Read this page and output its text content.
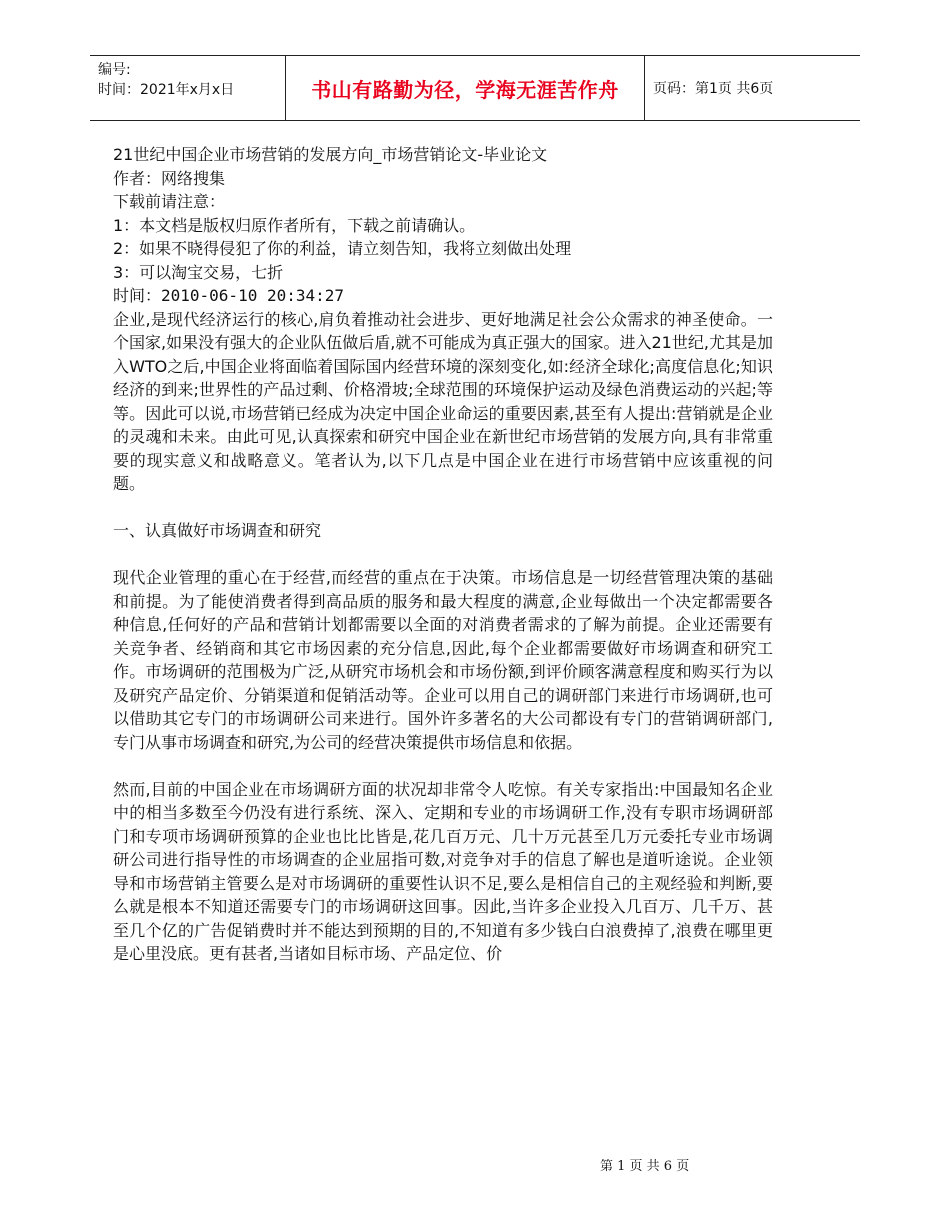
编号:
时间：2021年x月x日	书山有路勤为径，学海无涯苦作舟	页码：第1页 共6页
21世纪中国企业市场营销的发展方向_市场营销论文-毕业论文
作者：网络搜集
下载前请注意：
1：本文档是版权归原作者所有，下载之前请确认。
2：如果不晓得侵犯了你的利益，请立刻告知，我将立刻做出处理
3：可以淘宝交易，七折
时间：2010-06-10 20:34:27

企业,是现代经济运行的核心,肩负着推动社会进步、更好地满足社会公众需求的神圣使命。一个国家,如果没有强大的企业队伍做后盾,就不可能成为真正强大的国家。进入21世纪,尤其是加入WTO之后,中国企业将面临着国际国内经营环境的深刻变化,如:经济全球化;高度信息化;知识经济的到来;世界性的产品过剩、价格滑坡;全球范围的环境保护运动及绿色消费运动的兴起;等等。因此可以说,市场营销已经成为决定中国企业命运的重要因素,甚至有人提出:营销就是企业的灵魂和未来。由此可见,认真探索和研究中国企业在新世纪市场营销的发展方向,具有非常重要的现实意义和战略意义。笔者认为,以下几点是中国企业在进行市场营销中应该重视的问题。

一、认真做好市场调查和研究

现代企业管理的重心在于经营,而经营的重点在于决策。市场信息是一切经营管理决策的基础和前提。为了能使消费者得到高品质的服务和最大程度的满意,企业每做出一个决定都需要各种信息,任何好的产品和营销计划都需要以全面的对消费者需求的了解为前提。企业还需要有关竞争者、经销商和其它市场因素的充分信息,因此,每个企业都需要做好市场调查和研究工作。市场调研的范围极为广泛,从研究市场机会和市场份额,到评价顾客满意程度和购买行为以及研究产品定价、分销渠道和促销活动等。企业可以用自己的调研部门来进行市场调研,也可以借助其它专门的市场调研公司来进行。国外许多著名的大公司都设有专门的营销调研部门,专门从事市场调查和研究,为公司的经营决策提供市场信息和依据。

然而,目前的中国企业在市场调研方面的状况却非常令人吃惊。有关专家指出:中国最知名企业中的相当多数至今仍没有进行系统、深入、定期和专业的市场调研工作,没有专职市场调研部门和专项市场调研预算的企业也比比皆是,花几百万元、几十万元甚至几万元委托专业市场调研公司进行指导性的市场调查的企业屈指可数,对竞争对手的信息了解也是道听途说。企业领导和市场营销主管要么是对市场调研的重要性认识不足,要么是相信自己的主观经验和判断,要么就是根本不知道还需要专门的市场调研这回事。因此,当许多企业投入几百万、几千万、甚至几个亿的广告促销费时并不能达到预期的目的,不知道有多少钱白白浪费掉了,浪费在哪里更是心里没底。更有甚者,当诸如目标市场、产品定位、价

第 1 页 共 6 页
